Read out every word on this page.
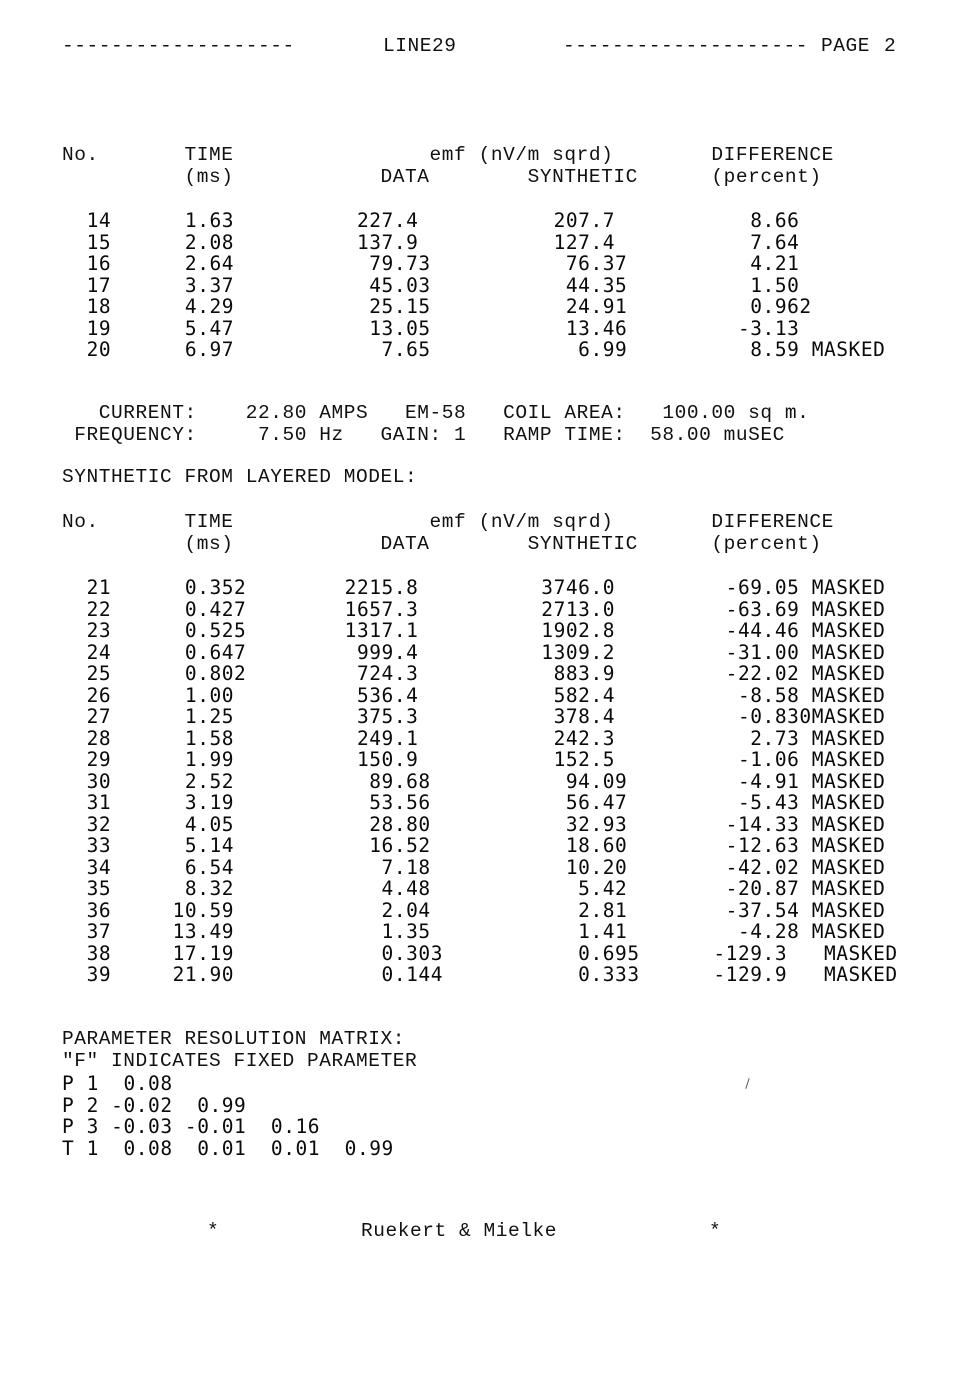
-------------------	LINE29	-------------------- PAGE 2
No.       TIME                emf (nV/m sqrd)        DIFFERENCE
(ms)            DATA        SYNTHETIC      (percent)
14      1.63          227.4           207.7           8.66
15      2.08          137.9           127.4           7.64
16      2.64           79.73           76.37          4.21
17      3.37           45.03           44.35          1.50
18      4.29           25.15           24.91          0.962
19      5.47           13.05           13.46         -3.13
20      6.97            7.65            6.99          8.59 MASKED
CURRENT:    22.80 AMPS   EM-58   COIL AREA:   100.00 sq m.
FREQUENCY:     7.50 Hz   GAIN: 1   RAMP TIME:  58.00 muSEC
SYNTHETIC FROM LAYERED MODEL:
No.       TIME                emf (nV/m sqrd)        DIFFERENCE
(ms)            DATA        SYNTHETIC      (percent)
21      0.352        2215.8          3746.0         -69.05 MASKED
22      0.427        1657.3          2713.0         -63.69 MASKED
23      0.525        1317.1          1902.8         -44.46 MASKED
24      0.647         999.4          1309.2         -31.00 MASKED
25      0.802         724.3           883.9         -22.02 MASKED
26      1.00          536.4           582.4          -8.58 MASKED
27      1.25          375.3           378.4          -0.830MASKED
28      1.58          249.1           242.3           2.73 MASKED
29      1.99          150.9           152.5          -1.06 MASKED
30      2.52           89.68           94.09         -4.91 MASKED
31      3.19           53.56           56.47         -5.43 MASKED
32      4.05           28.80           32.93        -14.33 MASKED
33      5.14           16.52           18.60        -12.63 MASKED
34      6.54            7.18           10.20        -42.02 MASKED
35      8.32            4.48            5.42        -20.87 MASKED
36     10.59            2.04            2.81        -37.54 MASKED
37     13.49            1.35            1.41         -4.28 MASKED
38     17.19            0.303           0.695      -129.3   MASKED
39     21.90            0.144           0.333      -129.9   MASKED
PARAMETER RESOLUTION MATRIX:
"F" INDICATES FIXED PARAMETER
P 1  0.08
P 2 -0.02  0.99
P 3 -0.03 -0.01  0.16
T 1  0.08  0.01  0.01  0.99
*	Ruekert & Mielke	*
